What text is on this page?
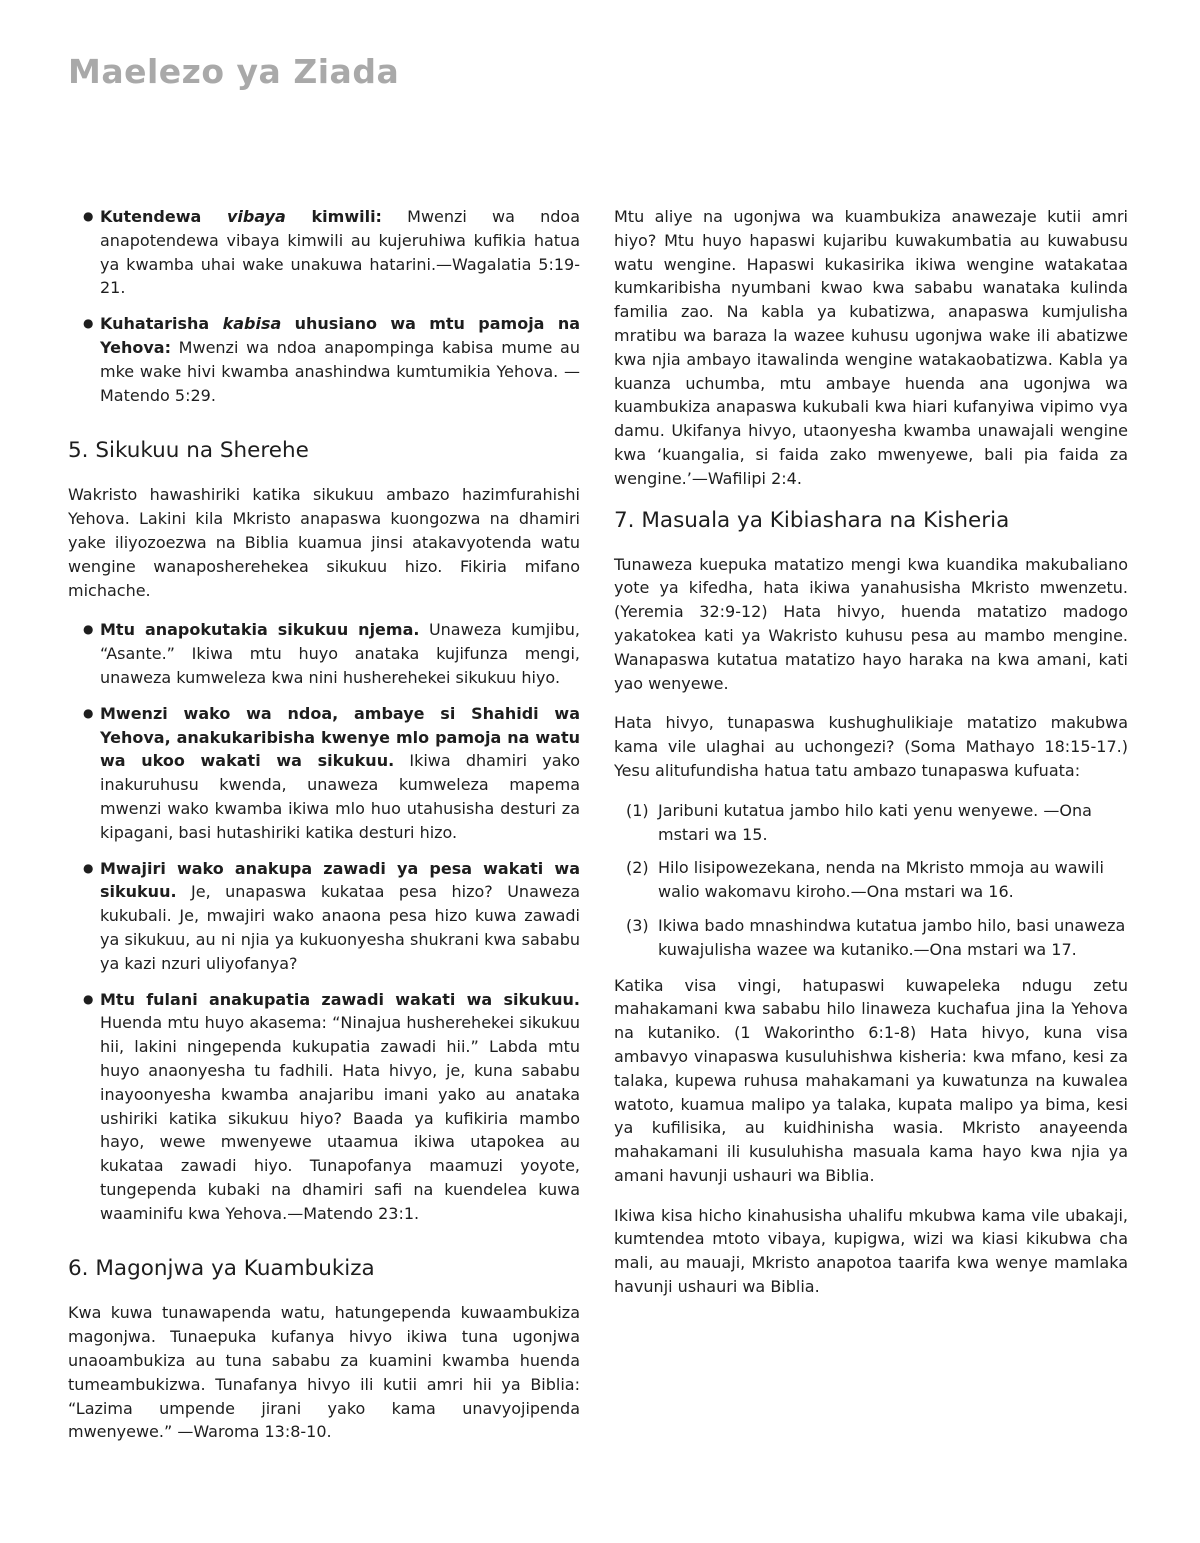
Maelezo ya Ziada
● Kutendewa vibaya kimwili: Mwenzi wa ndoa anapotendewa vibaya kimwili au kujeruhiwa kufikia hatua ya kwamba uhai wake unakuwa hatarini.—Wagalatia 5:19-21.
● Kuhatarisha kabisa uhusiano wa mtu pamoja na Yehova: Mwenzi wa ndoa anapompinga kabisa mume au mke wake hivi kwamba anashindwa kumtumikia Yehova. —Matendo 5:29.
5. Sikukuu na Sherehe

Wakristo hawashiriki katika sikukuu ambazo hazimfurahishi Yehova. Lakini kila Mkristo anapaswa kuongozwa na dhamiri yake iliyozoezwa na Biblia kuamua jinsi atakavyotenda watu wengine wanaposherehekea sikukuu hizo. Fikiria mifano michache.

● Mtu anapokutakia sikukuu njema. Unaweza kumjibu, “Asante.” Ikiwa mtu huyo anataka kujifunza mengi, unaweza kumweleza kwa nini husherehekei sikukuu hiyo.
● Mwenzi wako wa ndoa, ambaye si Shahidi wa Yehova, anakukaribisha kwenye mlo pamoja na watu wa ukoo wakati wa sikukuu. Ikiwa dhamiri yako inakuruhusu kwenda, unaweza kumweleza mapema mwenzi wako kwamba ikiwa mlo huo utahusisha desturi za kipagani, basi hutashiriki katika desturi hizo.
● Mwajiri wako anakupa zawadi ya pesa wakati wa sikukuu. Je, unapaswa kukataa pesa hizo? Unaweza kukubali. Je, mwajiri wako anaona pesa hizo kuwa zawadi ya sikukuu, au ni njia ya kukuonyesha shukrani kwa sababu ya kazi nzuri uliyofanya?
● Mtu fulani anakupatia zawadi wakati wa sikukuu. Huenda mtu huyo akasema: “Ninajua husherehekei sikukuu hii, lakini ningependa kukupatia zawadi hii.” Labda mtu huyo anaonyesha tu fadhili. Hata hivyo, je, kuna sababu inayoonyesha kwamba anajaribu imani yako au anataka ushiriki katika sikukuu hiyo? Baada ya kufikiria mambo hayo, wewe mwenyewe utaamua ikiwa utapokea au kukataa zawadi hiyo. Tunapofanya maamuzi yoyote, tungependa kubaki na dhamiri safi na kuendelea kuwa waaminifu kwa Yehova.—Matendo 23:1.
6. Magonjwa ya Kuambukiza

Kwa kuwa tunawapenda watu, hatungependa kuwaambukiza magonjwa. Tunaepuka kufanya hivyo ikiwa tuna ugonjwa unaoambukiza au tuna sababu za kuamini kwamba huenda tumeambukizwa. Tunafanya hivyo ili kutii amri hii ya Biblia: “Lazima umpende jirani yako kama unavyojipenda mwenyewe.” —Waroma 13:8-10.

Mtu aliye na ugonjwa wa kuambukiza anawezaje kutii amri hiyo? Mtu huyo hapaswi kujaribu kuwakumbatia au kuwabusu watu wengine. Hapaswi kukasirika ikiwa wengine watakataa kumkaribisha nyumbani kwao kwa sababu wanataka kulinda familia zao. Na kabla ya kubatizwa, anapaswa kumjulisha mratibu wa baraza la wazee kuhusu ugonjwa wake ili abatizwe kwa njia ambayo itawalinda wengine watakaobatizwa. Kabla ya kuanza uchumba, mtu ambaye huenda ana ugonjwa wa kuambukiza anapaswa kukubali kwa hiari kufanyiwa vipimo vya damu. Ukifanya hivyo, utaonyesha kwamba unawajali wengine kwa ‘kuangalia, si faida zako mwenyewe, bali pia faida za wengine.’—Wafilipi 2:4.

7. Masuala ya Kibiashara na Kisheria

Tunaweza kuepuka matatizo mengi kwa kuandika makubaliano yote ya kifedha, hata ikiwa yanahusisha Mkristo mwenzetu. (Yeremia 32:9-12) Hata hivyo, huenda matatizo madogo yakatokea kati ya Wakristo kuhusu pesa au mambo mengine. Wanapaswa kutatua matatizo hayo haraka na kwa amani, kati yao wenyewe.

Hata hivyo, tunapaswa kushughulikiaje matatizo makubwa kama vile ulaghai au uchongezi? (Soma Mathayo 18:15-17.) Yesu alitufundisha hatua tatu ambazo tunapaswa kufuata:

(1) Jaribuni kutatua jambo hilo kati yenu wenyewe. —Ona mstari wa 15.
(2) Hilo lisipowezekana, nenda na Mkristo mmoja au wawili walio wakomavu kiroho.—Ona mstari wa 16.
(3) Ikiwa bado mnashindwa kutatua jambo hilo, basi unaweza kuwajulisha wazee wa kutaniko.—Ona mstari wa 17.

Katika visa vingi, hatupaswi kuwapeleka ndugu zetu mahakamani kwa sababu hilo linaweza kuchafua jina la Yehova na kutaniko. (1 Wakorintho 6:1-8) Hata hivyo, kuna visa ambavyo vinapaswa kusuluhishwa kisheria: kwa mfano, kesi za talaka, kupewa ruhusa mahakamani ya kuwatunza na kuwalea watoto, kuamua malipo ya talaka, kupata malipo ya bima, kesi ya kufilisika, au kuidhinisha wasia. Mkristo anayeenda mahakamani ili kusuluhisha masuala kama hayo kwa njia ya amani havunji ushauri wa Biblia.

Ikiwa kisa hicho kinahusisha uhalifu mkubwa kama vile ubakaji, kumtendea mtoto vibaya, kupigwa, wizi wa kiasi kikubwa cha mali, au mauaji, Mkristo anapotoa taarifa kwa wenye mamlaka havunji ushauri wa Biblia.
